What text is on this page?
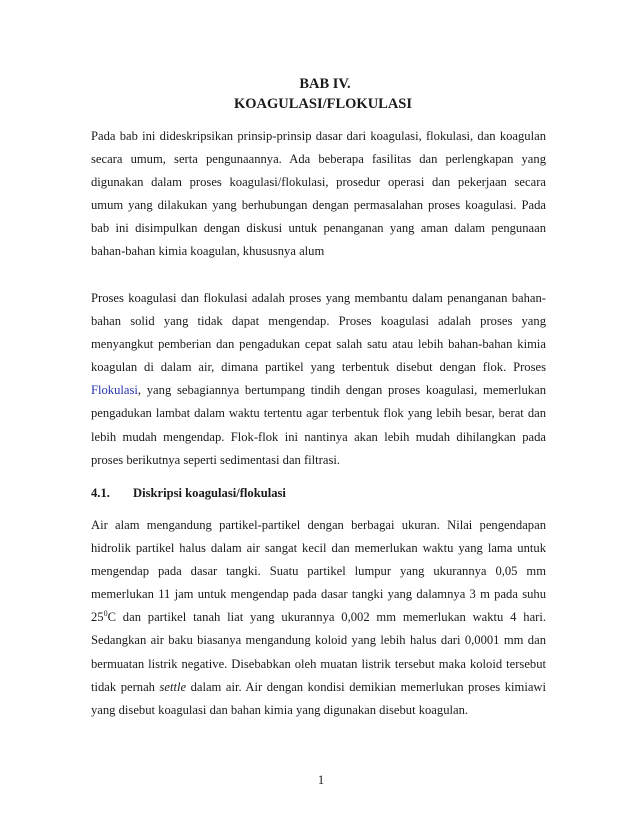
BAB IV.
KOAGULASI/FLOKULASI
Pada bab ini dideskripsikan prinsip-prinsip dasar dari koagulasi, flokulasi, dan koagulan
secara umum, serta pengunaannya. Ada beberapa fasilitas dan perlengkapan yang
digunakan dalam proses koagulasi/flokulasi, prosedur operasi dan pekerjaan secara
umum yang dilakukan yang berhubungan dengan permasalahan proses koagulasi. Pada
bab ini disimpulkan dengan diskusi untuk penanganan yang aman dalam pengunaan
bahan-bahan kimia koagulan, khususnya alum
Proses koagulasi dan flokulasi adalah proses yang membantu dalam penanganan bahan-
bahan solid yang tidak dapat mengendap. Proses koagulasi adalah proses yang
menyangkut pemberian dan pengadukan cepat salah satu atau lebih bahan-bahan kimia
koagulan di dalam air, dimana partikel yang terbentuk disebut dengan flok. Proses
Flokulasi, yang sebagiannya bertumpang tindih dengan proses koagulasi, memerlukan
pengadukan lambat dalam waktu tertentu agar terbentuk flok yang lebih besar, berat dan
lebih mudah mengendap. Flok-flok ini nantinya akan lebih mudah dihilangkan pada
proses berikutnya seperti sedimentasi dan filtrasi.
4.1. Diskripsi koagulasi/flokulasi
Air alam mengandung partikel-partikel dengan berbagai ukuran. Nilai pengendapan
hidrolik partikel halus dalam air sangat kecil dan memerlukan waktu yang lama untuk
mengendap pada dasar tangki. Suatu partikel lumpur yang ukurannya 0,05 mm
memerlukan 11 jam untuk mengendap pada dasar tangki yang dalamnya 3 m pada suhu
$25^0C$ dan partikel tanah liat yang ukurannya 0,002 mm memerlukan waktu 4 hari.
Sedangkan air baku biasanya mengandung koloid yang lebih halus dari 0,0001 mm dan
bermuatan listrik negative. Disebabkan oleh muatan listrik tersebut maka koloid tersebut
tidak pernah settle dalam air. Air dengan kondisi demikian memerlukan proses kimiawi
yang disebut koagulasi dan bahan kimia yang digunakan disebut koagulan.
1
